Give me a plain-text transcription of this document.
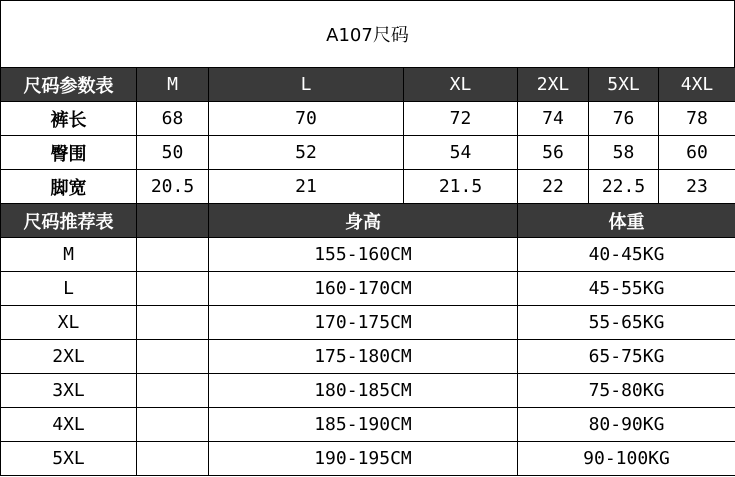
A107尺码
尺码参数表	M	L	XL	2XL	5XL	4XL	
裤长	68	70	72	74	76	78	
臀围	50	52	54	56	58	60	
脚宽	20.5	21	21.5	22	22.5	23	
尺码推荐表		身高		体重			
M		155-160CM		40-45KG			
L		160-170CM		45-55KG			
XL		170-175CM		55-65KG			
2XL		175-180CM		65-75KG			
3XL		180-185CM		75-80KG			
4XL		185-190CM		80-90KG			
5XL		190-195CM		90-100KG			
